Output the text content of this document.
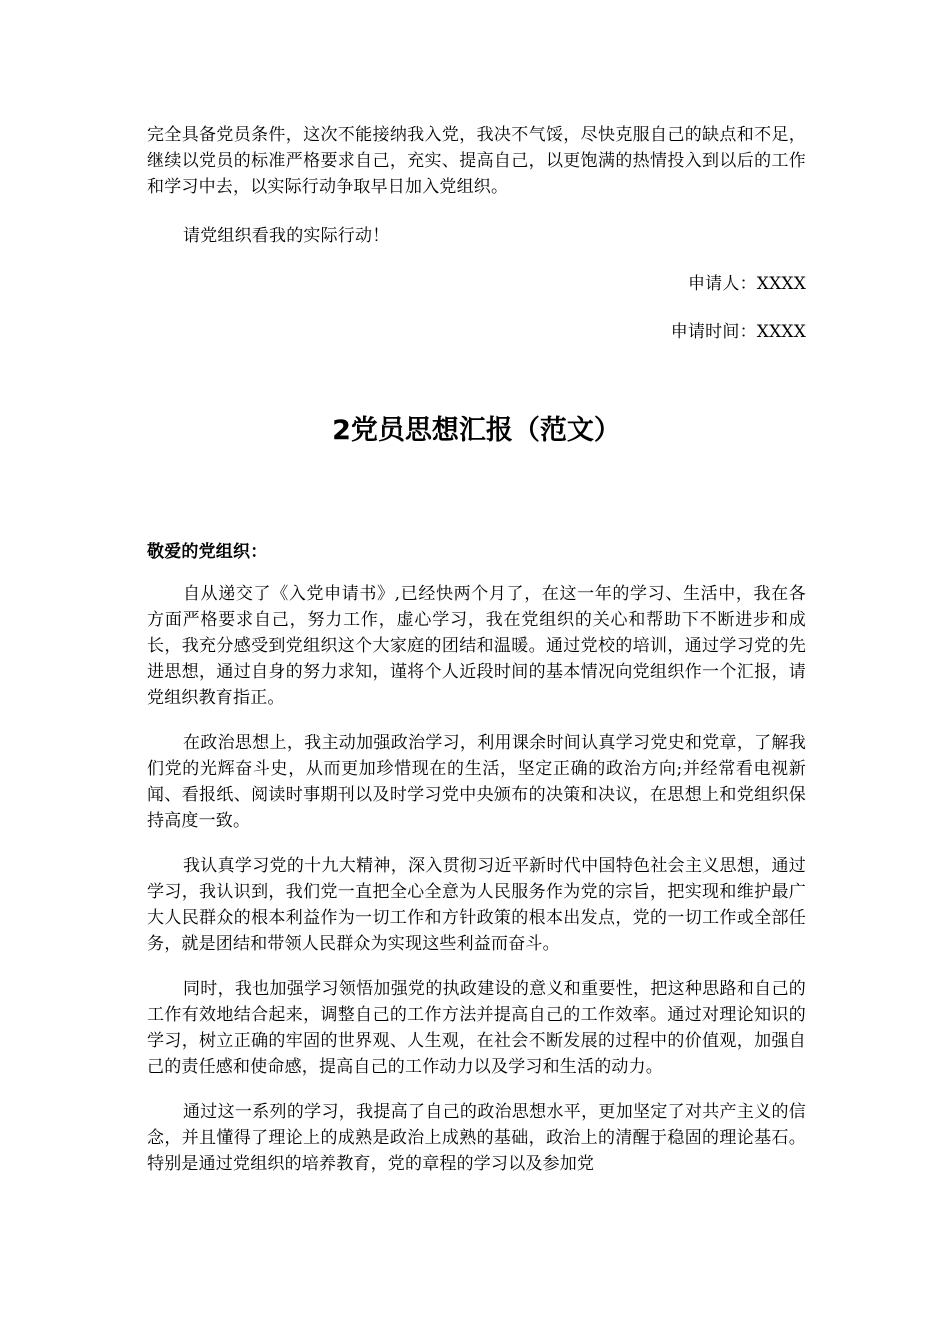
完全具备党员条件，这次不能接纳我入党，我决不气馁，尽快克服自己的缺点和不足，继续以党员的标准严格要求自己，充实、提高自己，以更饱满的热情投入到以后的工作和学习中去，以实际行动争取早日加入党组织。

请党组织看我的实际行动！

申请人：XXXX

申请时间：XXXX

2党员思想汇报（范文）

敬爱的党组织：

自从递交了《入党申请书》,已经快两个月了，在这一年的学习、生活中，我在各方面严格要求自己，努力工作，虚心学习，我在党组织的关心和帮助下不断进步和成长，我充分感受到党组织这个大家庭的团结和温暖。通过党校的培训，通过学习党的先进思想，通过自身的努力求知，谨将个人近段时间的基本情况向党组织作一个汇报，请党组织教育指正。

在政治思想上，我主动加强政治学习，利用课余时间认真学习党史和党章，了解我们党的光辉奋斗史，从而更加珍惜现在的生活，坚定正确的政治方向;并经常看电视新闻、看报纸、阅读时事期刊以及时学习党中央颁布的决策和决议，在思想上和党组织保持高度一致。

我认真学习党的十九大精神，深入贯彻习近平新时代中国特色社会主义思想，通过学习，我认识到，我们党一直把全心全意为人民服务作为党的宗旨，把实现和维护最广大人民群众的根本利益作为一切工作和方针政策的根本出发点，党的一切工作或全部任务，就是团结和带领人民群众为实现这些利益而奋斗。

同时，我也加强学习领悟加强党的执政建设的意义和重要性，把这种思路和自己的工作有效地结合起来，调整自己的工作方法并提高自己的工作效率。通过对理论知识的学习，树立正确的牢固的世界观、人生观，在社会不断发展的过程中的价值观，加强自己的责任感和使命感，提高自己的工作动力以及学习和生活的动力。

通过这一系列的学习，我提高了自己的政治思想水平，更加坚定了对共产主义的信念，并且懂得了理论上的成熟是政治上成熟的基础，政治上的清醒于稳固的理论基石。特别是通过党组织的培养教育，党的章程的学习以及参加党
